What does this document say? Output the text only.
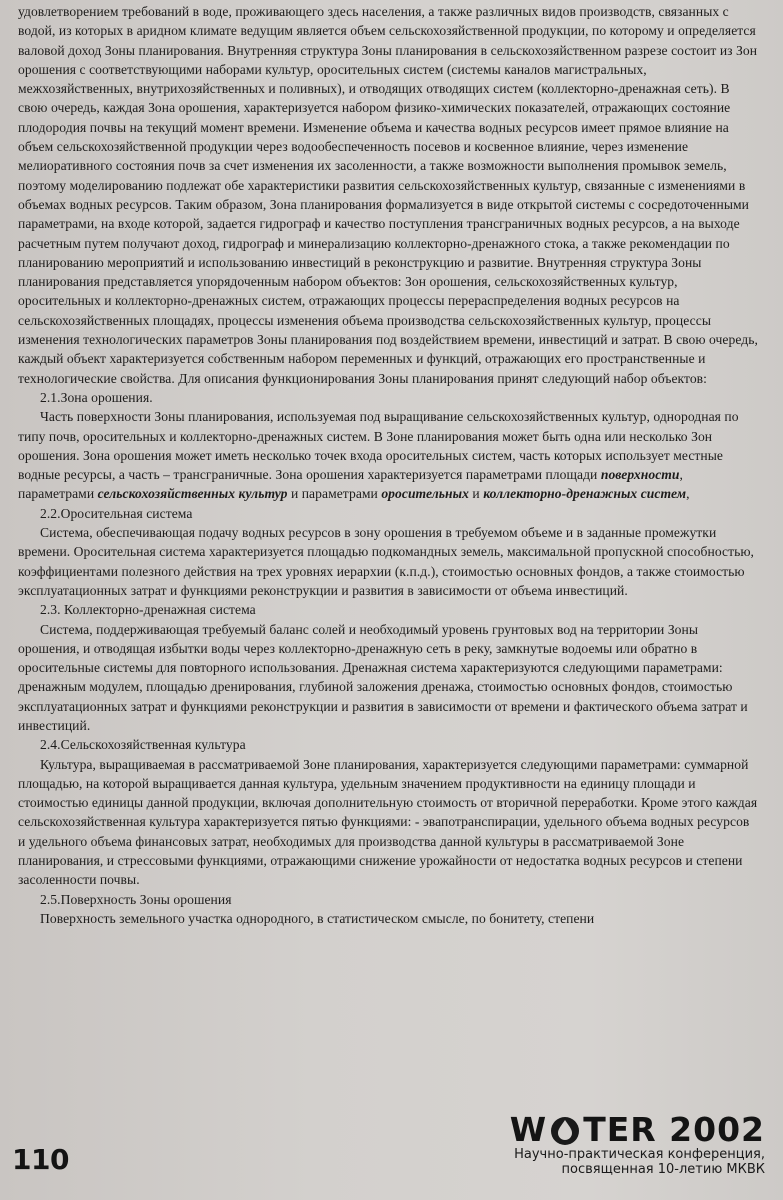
удовлетворением требований в воде, проживающего здесь населения, а также различных видов производств, связанных с водой, из которых в аридном климате ведущим является объем сельскохозяйственной продукции, по которому и определяется валовой доход Зоны планирования. Внутренняя структура Зоны планирования в сельскохозяйственном разрезе состоит из Зон орошения с соответствующими наборами культур, оросительных систем (системы каналов магистральных, межхозяйственных, внутрихозяйственных и поливных), и отводящих отводящих систем (коллекторно-дренажная сеть). В свою очередь, каждая Зона орошения, характеризуется набором физико-химических показателей, отражающих состояние плодородия почвы на текущий момент времени. Изменение объема и качества водных ресурсов имеет прямое влияние на объем сельскохозяйственной продукции через водообеспеченность посевов и косвенное влияние, через изменение мелиоративного состояния почв за счет изменения их засоленности, а также возможности выполнения промывок земель, поэтому моделированию подлежат обе характеристики развития сельскохозяйственных культур, связанные с изменениями в объемах водных ресурсов. Таким образом, Зона планирования формализуется в виде открытой системы с сосредоточенными параметрами, на входе которой, задается гидрограф и качество поступления трансграничных водных ресурсов, а на выходе расчетным путем получают доход, гидрограф и минерализацию коллекторно-дренажного стока, а также рекомендации по планированию мероприятий и использованию инвестиций в реконструкцию и развитие. Внутренняя структура Зоны планирования представляется упорядоченным набором объектов: Зон орошения, сельскохозяйственных культур, оросительных и коллекторно-дренажных систем, отражающих процессы перераспределения водных ресурсов на сельскохозяйственных площадях, процессы изменения объема производства сельскохозяйственных культур, процессы изменения технологических параметров Зоны планирования под воздействием времени, инвестиций и затрат. В свою очередь, каждый объект характеризуется собственным набором переменных и функций, отражающих его пространственные и технологические свойства. Для описания функционирования Зоны планирования принят следующий набор объектов:

2.1.Зона орошения.

Часть поверхности Зоны планирования, используемая под выращивание сельскохозяйственных культур, однородная по типу почв, оросительных и коллекторно-дренажных систем. В Зоне планирования может быть одна или несколько Зон орошения. Зона орошения может иметь несколько точек входа оросительных систем, часть которых использует местные водные ресурсы, а часть – трансграничные. Зона орошения характеризуется параметрами площади поверхности, параметрами сельскохозяйственных культур и параметрами оросительных и коллекторно-дренажных систем,

2.2.Оросительная система

Система, обеспечивающая подачу водных ресурсов в зону орошения в требуемом объеме и в заданные промежутки времени. Оросительная система характеризуется площадью подкомандных земель, максимальной пропускной способностью, коэффициентами полезного действия на трех уровнях иерархии (к.п.д.), стоимостью основных фондов, а также стоимостью эксплуатационных затрат и функциями реконструкции и развития в зависимости от объема инвестиций.

2.3. Коллекторно-дренажная система

Система, поддерживающая требуемый баланс солей и необходимый уровень грунтовых вод на территории Зоны орошения, и отводящая избытки воды через коллекторно-дренажную сеть в реку, замкнутые водоемы или обратно в оросительные системы для повторного использования. Дренажная система характеризуются следующими параметрами: дренажным модулем, площадью дренирования, глубиной заложения дренажа, стоимостью основных фондов, стоимостью эксплуатационных затрат и функциями реконструкции и развития в зависимости от времени и фактического объема затрат и инвестиций.

2.4.Сельскохозяйственная культура

Культура, выращиваемая в рассматриваемой Зоне планирования, характеризуется следующими параметрами: суммарной площадью, на которой выращивается данная культура, удельным значением продуктивности на единицу площади и стоимостью единицы данной продукции, включая дополнительную стоимость от вторичной переработки. Кроме этого каждая сельскохозяйственная культура характеризуется пятью функциями: - эвапотранспирации, удельного объема водных ресурсов и удельного объема финансовых затрат, необходимых для производства данной культуры в рассматриваемой Зоне планирования, и стрессовыми функциями, отражающими снижение урожайности от недостатка водных ресурсов и степени засоленности почвы.

2.5.Поверхность Зоны орошения

Поверхность земельного участка однородного, в статистическом смысле, по бонитету, степени

110
W TER 2002
Научно-практическая конференция,
посвященная 10-летию МКВК
